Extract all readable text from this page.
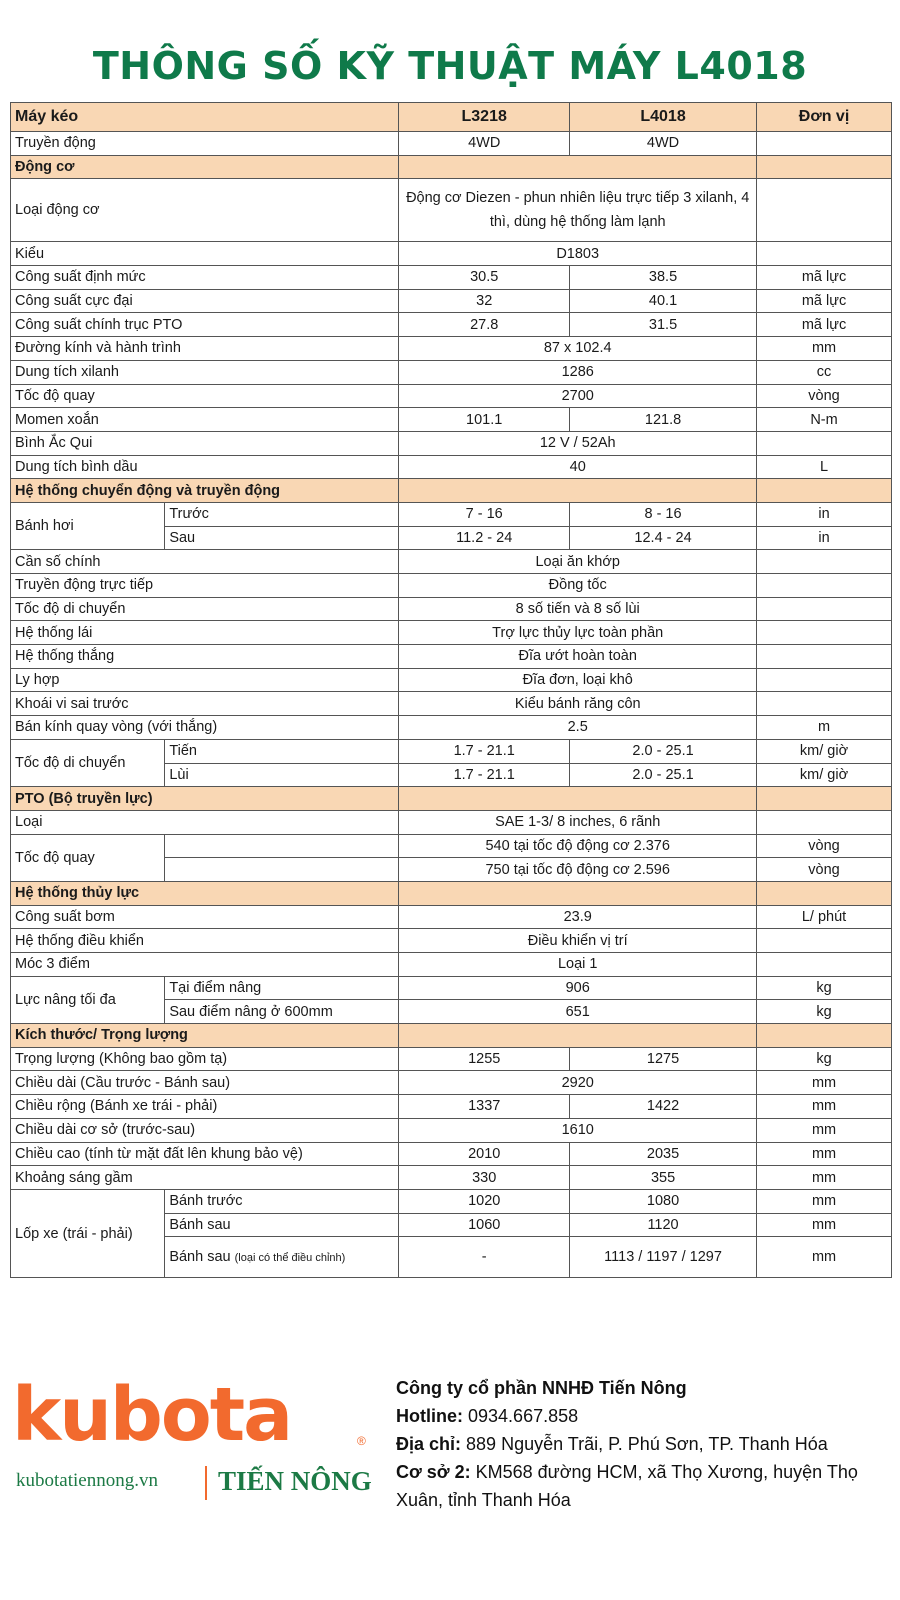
THÔNG SỐ KỸ THUẬT MÁY L4018
Máy kéo		L3218	L4018	Đơn vị
Truyền động		4WD	4WD	
Động cơ				
Loại động cơ		Động cơ Diezen - phun nhiên liệu trực tiếp 3 xilanh, 4 thì, dùng hệ thống làm lạnh		
Kiểu		D1803		
Công suất định mức		30.5	38.5	mã lực
Công suất cực đại		32	40.1	mã lực
Công suất chính trục PTO		27.8	31.5	mã lực
Đường kính và hành trình		87 x 102.4		mm
Dung tích xilanh		1286		cc
Tốc độ quay		2700		vòng
Momen xoắn		101.1	121.8	N-m
Bình Ắc Qui		12 V / 52Ah		
Dung tích bình dầu		40		L
Hệ thống chuyển động và truyền động				
Bánh hơi	Trước	7 - 16	8 - 16	in
	Sau	11.2 - 24	12.4 - 24	in
Cần số chính		Loại ăn khớp		
Truyền động trực tiếp		Đồng tốc		
Tốc độ di chuyển		8 số tiến và 8 số lùi		
Hệ thống lái		Trợ lực thủy lực toàn phần		
Hệ thống thắng		Đĩa ướt hoàn toàn		
Ly hợp		Đĩa đơn, loại khô		
Khoái vi sai trước		Kiểu bánh răng côn		
Bán kính quay vòng (với thắng)		2.5		m
Tốc độ di chuyển	Tiến	1.7 - 21.1	2.0 - 25.1	km/ giờ
	Lùi	1.7 - 21.1	2.0 - 25.1	km/ giờ
PTO (Bộ truyền lực)				
Loại		SAE 1-3/ 8 inches, 6 rãnh		
Tốc độ quay		540 tại tốc độ động cơ 2.376		vòng
		750 tại tốc độ động cơ 2.596		vòng
Hệ thống thủy lực				
Công suất bơm		23.9		L/ phút
Hệ thống điều khiển		Điều khiển vị trí		
Móc 3 điểm		Loại 1		
Lực nâng tối đa	Tại điểm nâng	906		kg
	Sau điểm nâng ở 600mm	651		kg
Kích thước/ Trọng lượng				
Trọng lượng (Không bao gồm tạ)		1255	1275	kg
Chiều dài (Cầu trước - Bánh sau)		2920		mm
Chiều rộng (Bánh xe trái - phải)		1337	1422	mm
Chiều dài cơ sở (trước-sau)		1610		mm
Chiều cao (tính từ mặt đất lên khung bảo vệ)		2010	2035	mm
Khoảng sáng gầm		330	355	mm
Lốp xe (trái - phải)	Bánh trước	1020	1080	mm
	Bánh sau	1060	1120	mm
	Bánh sau (loại có thể điều chỉnh)	-	1113 / 1197 / 1297	mm
kubota	®
kubotatiennong.vn TIẾN NÔNG
Công ty cổ phần NNHĐ Tiến Nông
Hotline: 0934.667.858
Địa chỉ: 889 Nguyễn Trãi, P. Phú Sơn, TP. Thanh Hóa
Cơ sở 2: KM568 đường HCM, xã Thọ Xương, huyện Thọ Xuân, tỉnh Thanh Hóa
